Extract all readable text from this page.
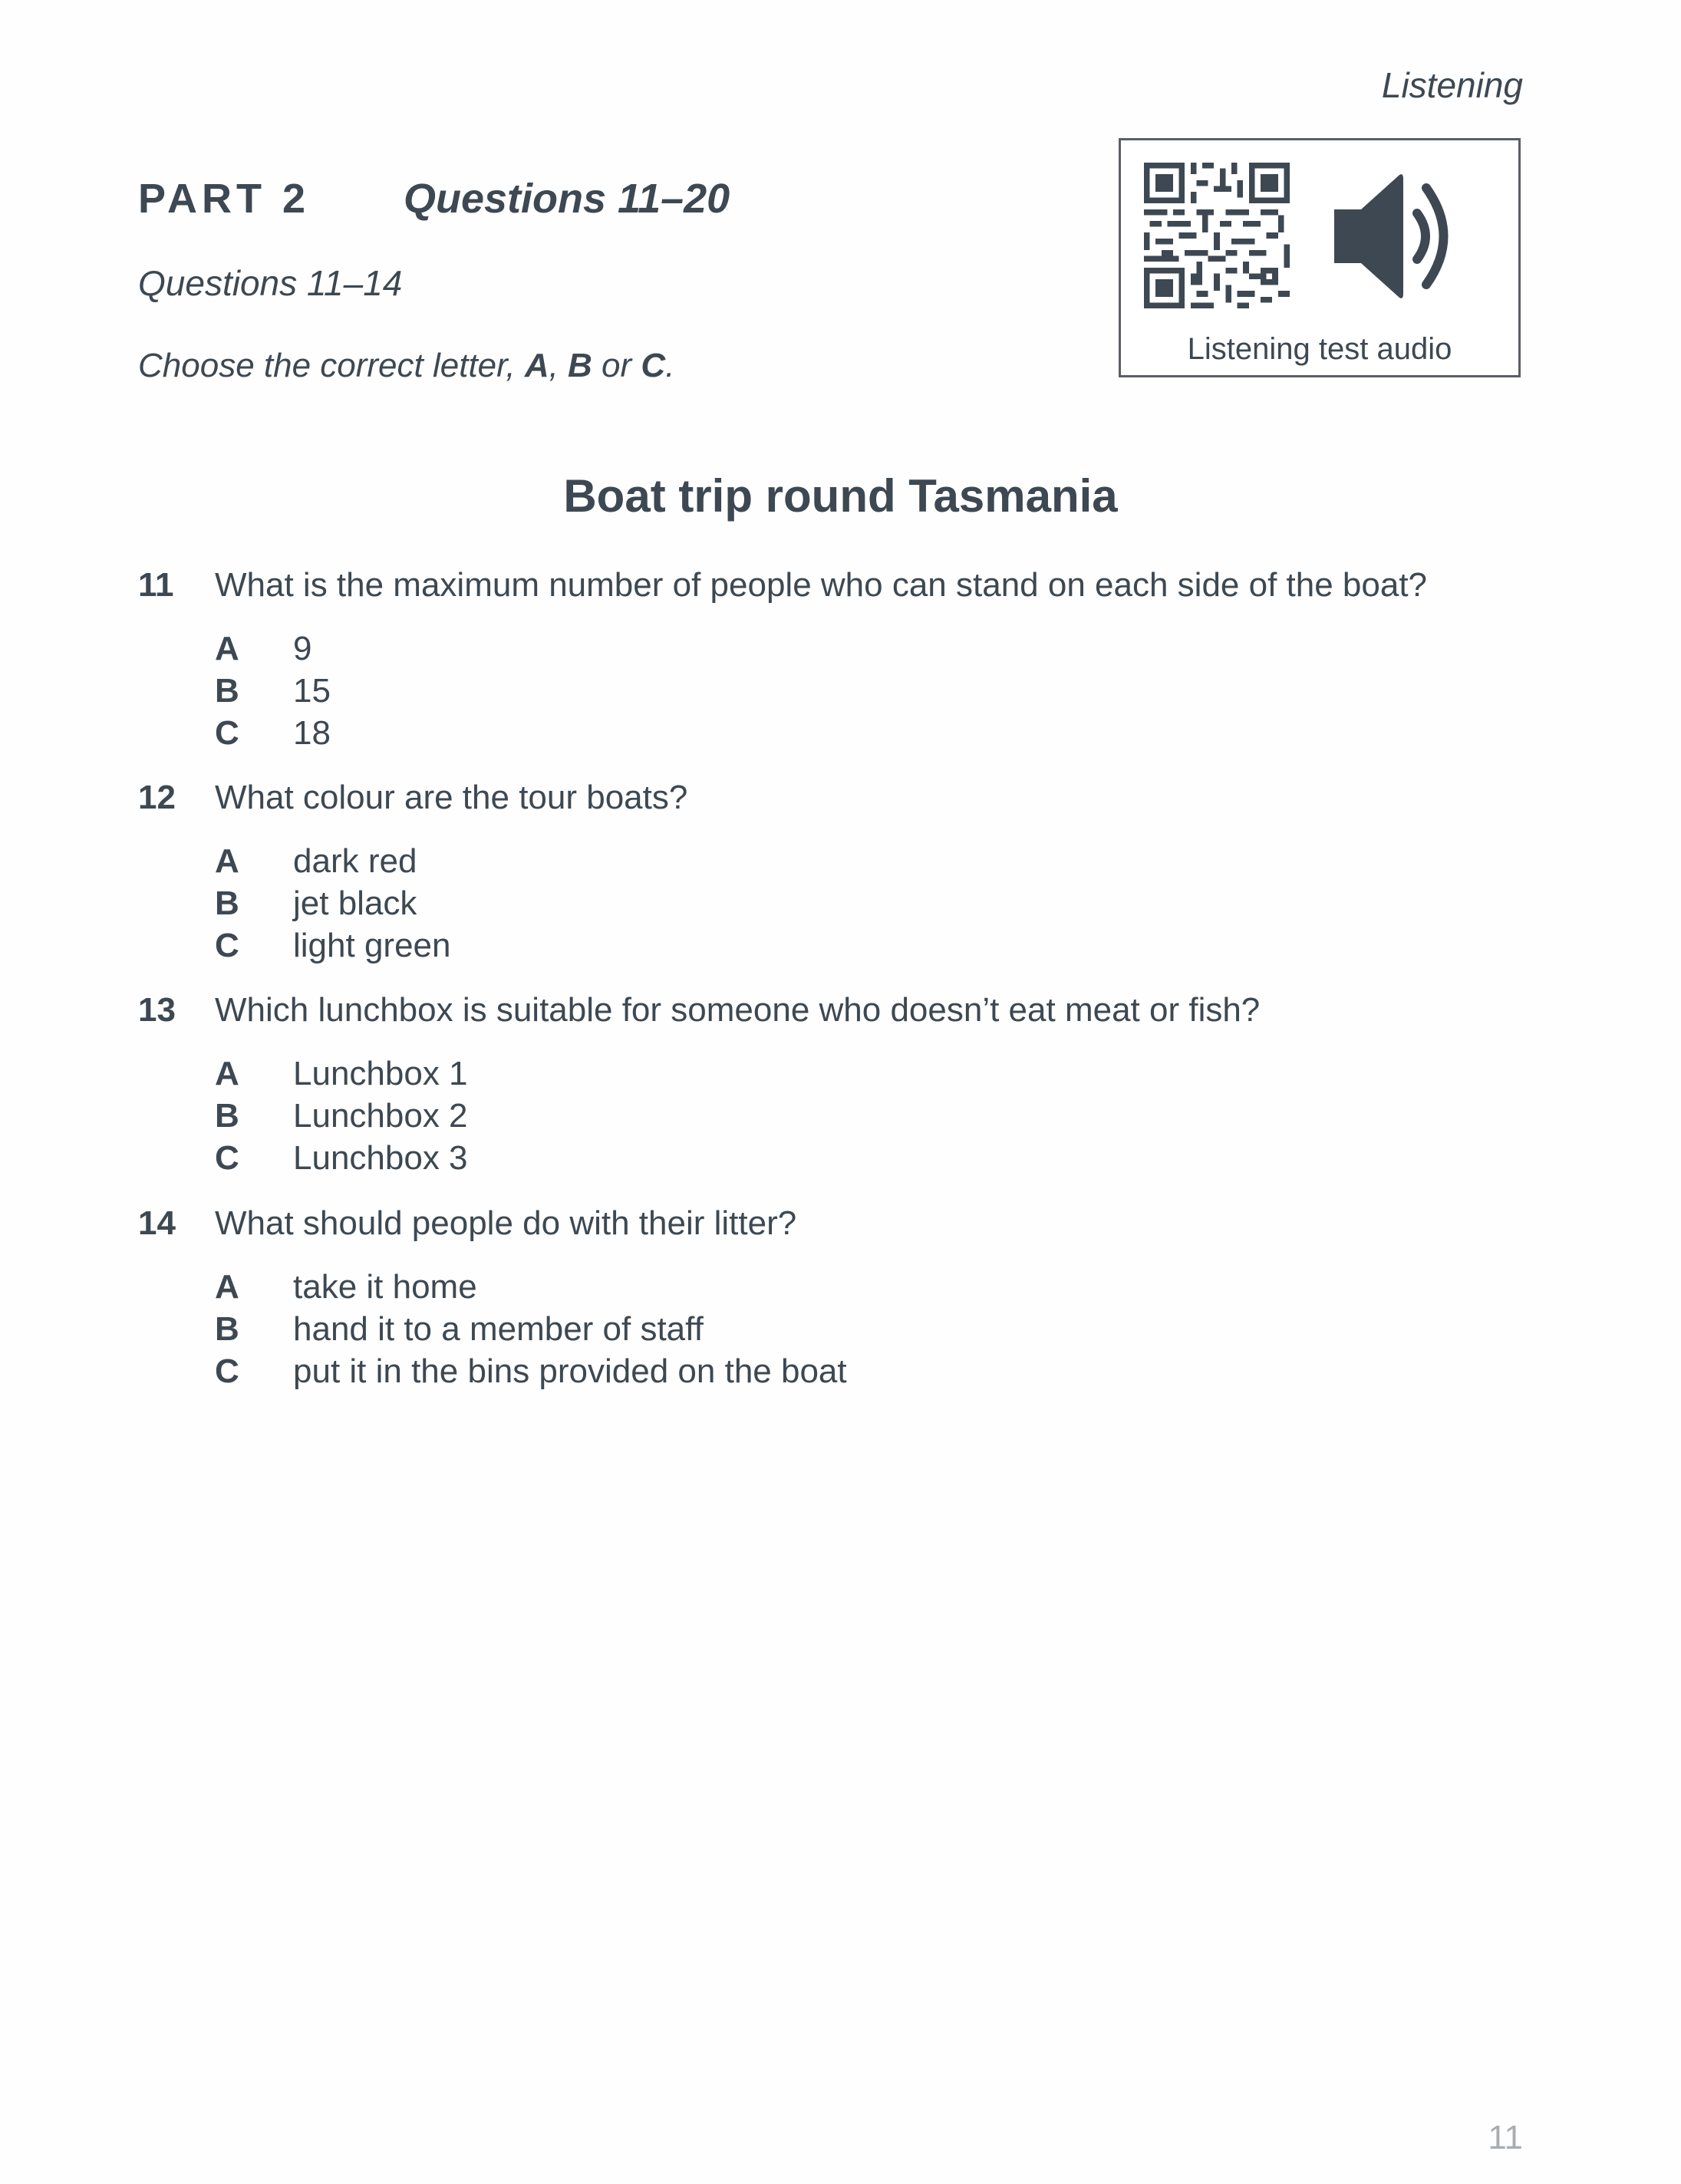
Listening
PART 2	Questions 11–20
Questions 11–14
Choose the correct letter, A, B or C.	Listening test audio
Boat trip round Tasmania
11	What is the maximum number of people who can stand on each side of the boat?
A	9
B	15
C	18
12	What colour are the tour boats?
A	dark red
B	jet black
C	light green
13	Which lunchbox is suitable for someone who doesn’t eat meat or fish?
A	Lunchbox 1
B	Lunchbox 2
C	Lunchbox 3
14	What should people do with their litter?
A	take it home
B	hand it to a member of staff
C	put it in the bins provided on the boat
11
